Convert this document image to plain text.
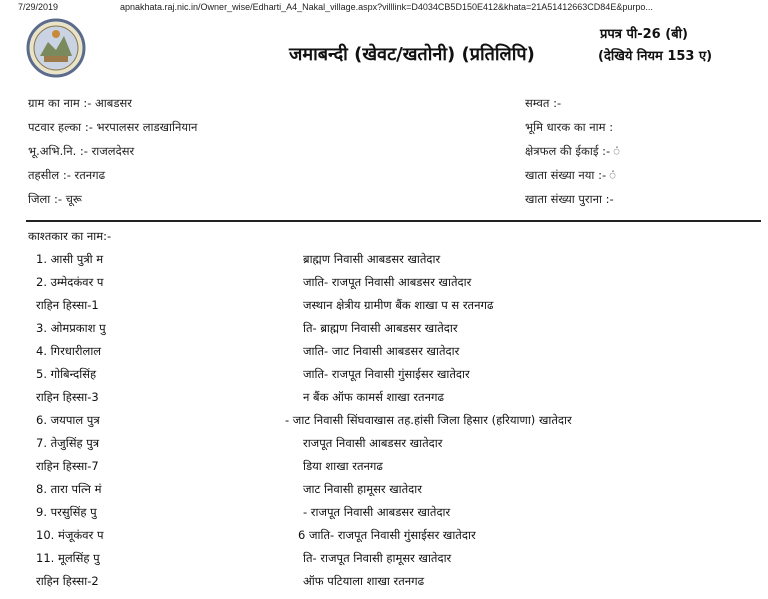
7/29/2019	apnakhata.raj.nic.in/Owner_wise/Edharti_A4_Nakal_village.aspx?villlink=D4034CB5D150E412&khata=21A51412663CD84E&purpo...
जमाबन्दी (खेवट/खतोनी) (प्रतिलिपि)
प्रपत्र पी-26 (बी)
(देखिये नियम 153 ए)
ग्राम का नाम :- आबडसर
पटवार हल्का :- भरपालसर लाडखानियान
भू.अभि.नि. :- राजलदेसर
तहसील :- रतनगढ
जिला :- चूरू
सम्वत :-
भूमि धारक का नाम :
क्षेत्रफल की ईकाई :- ं
खाता संख्या नया :- ं
खाता संख्या पुराना :-
काश्तकार का नाम:-
1. आसी पुत्री म	ब्राह्मण निवासी आबडसर खातेदार
2. उम्मेदकंवर प	जाति- राजपूत निवासी आबडसर खातेदार
राहिन हिस्सा-1	जस्थान क्षेत्रीय ग्रामीण बैंक शाखा प स रतनगढ
3. ओमप्रकाश पु	ति- ब्राह्मण निवासी आबडसर खातेदार
4. गिरधारीलाल	जाति- जाट निवासी आबडसर खातेदार
5. गोबिन्दसिंह	जाति- राजपूत निवासी गुंसाईसर खातेदार
राहिन हिस्सा-3	न बैंक ऑफ कामर्स शाखा रतनगढ
6. जयपाल पुत्र	- जाट निवासी सिंघवाखास तह.हांसी जिला हिसार (हरियाणा) खातेदार
7. तेजुसिंह पुत्र	राजपूत निवासी आबडसर खातेदार
राहिन हिस्सा-7	डिया शाखा रतनगढ
8. तारा पत्नि मं	जाट निवासी हामूसर खातेदार
9. परसुसिंह पु	- राजपूत निवासी आबडसर खातेदार
10. मंजूकंवर प	6 जाति- राजपूत निवासी गुंसाईसर खातेदार
11. मूलसिंह पु	ति- राजपूत निवासी हामूसर खातेदार
राहिन हिस्सा-2	ऑफ पटियाला शाखा रतनगढ
